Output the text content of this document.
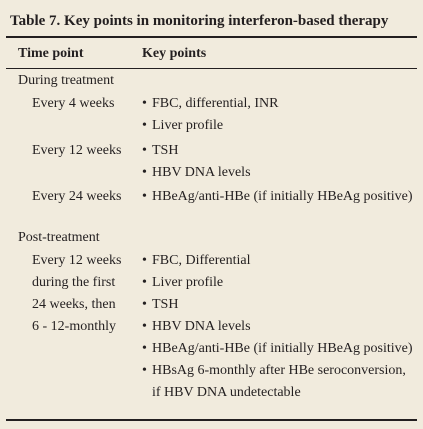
Table 7. Key points in monitoring interferon-based therapy
Time point	Key points
During treatment
Every 4 weeks • FBC, differential, INR
• Liver profile
Every 12 weeks • TSH
• HBV DNA levels
Every 24 weeks • HBeAg/anti-HBe (if initially HBeAg positive)
Post-treatment
Every 12 weeks
during the first
24 weeks, then
6 - 12-monthly
• FBC, Differential
• Liver profile
• TSH
• HBV DNA levels
• HBeAg/anti-HBe (if initially HBeAg positive)
• HBsAg 6-monthly after HBe seroconversion, if HBV DNA undetectable
